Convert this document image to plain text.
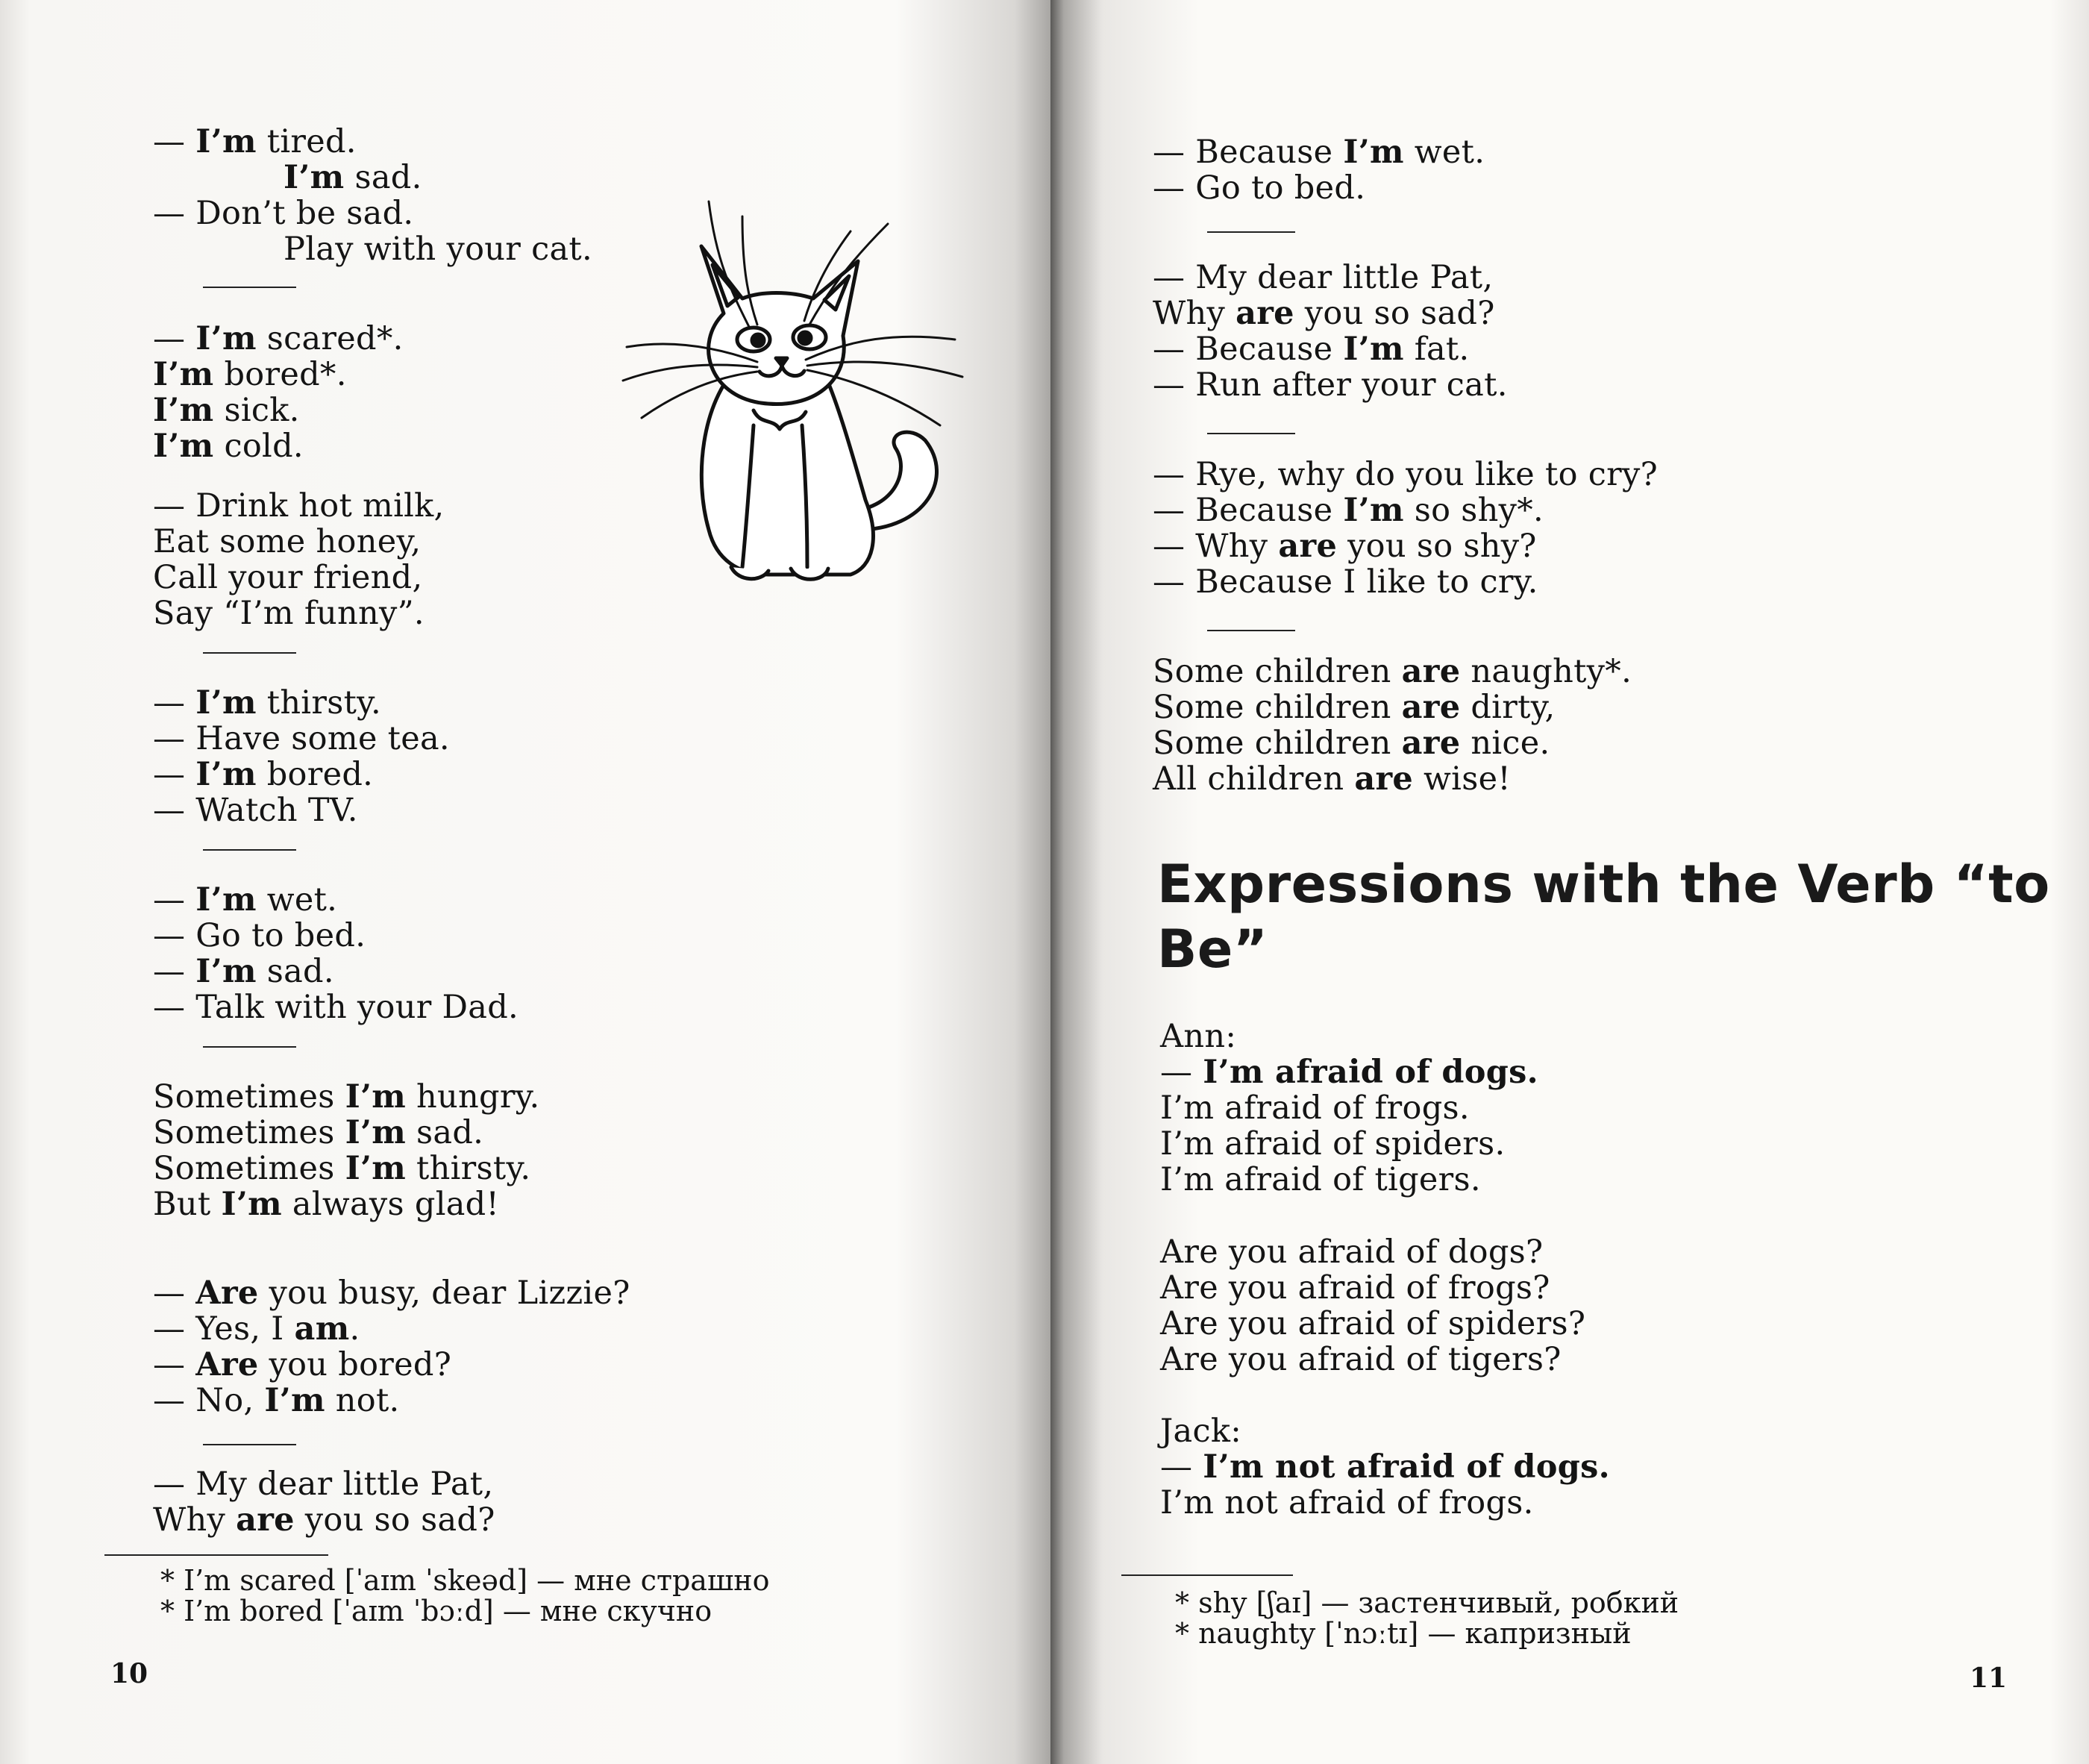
— I’m tired.
I’m sad.
— Don’t be sad.
Play with your cat.
— I’m scared*.
I’m bored*.
I’m sick.
I’m cold.
— Drink hot milk,
Eat some honey,
Call your friend,
Say “I’m funny”.
— I’m thirsty.
— Have some tea.
— I’m bored.
— Watch TV.
— I’m wet.
— Go to bed.
— I’m sad.
— Talk with your Dad.
Sometimes I’m hungry.
Sometimes I’m sad.
Sometimes I’m thirsty.
But I’m always glad!
— Are you busy, dear Lizzie?
— Yes, I am.
— Are you bored?
— No, I’m not.
— My dear little Pat,
Why are you so sad?
* I’m scared [ˈaɪm ˈskeəd] — мне страшно
* I’m bored [ˈaɪm ˈbɔːd] — мне скучно
10
— Because I’m wet.
— Go to bed.
— My dear little Pat,
Why are you so sad?
— Because I’m fat.
— Run after your cat.
— Rye, why do you like to cry?
— Because I’m so shy*.
— Why are you so shy?
— Because I like to cry.
Some children are naughty*.
Some children are dirty,
Some children are nice.
All children are wise!
Expressions with the Verb “to
Be”
Ann:
— I’m afraid of dogs.
I’m afraid of frogs.
I’m afraid of spiders.
I’m afraid of tigers.
Are you afraid of dogs?
Are you afraid of frogs?
Are you afraid of spiders?
Are you afraid of tigers?
Jack:
— I’m not afraid of dogs.
I’m not afraid of frogs.
* shy [ʃaɪ] — застенчивый, робкий
* naughty [ˈnɔːtɪ] — капризный
11
